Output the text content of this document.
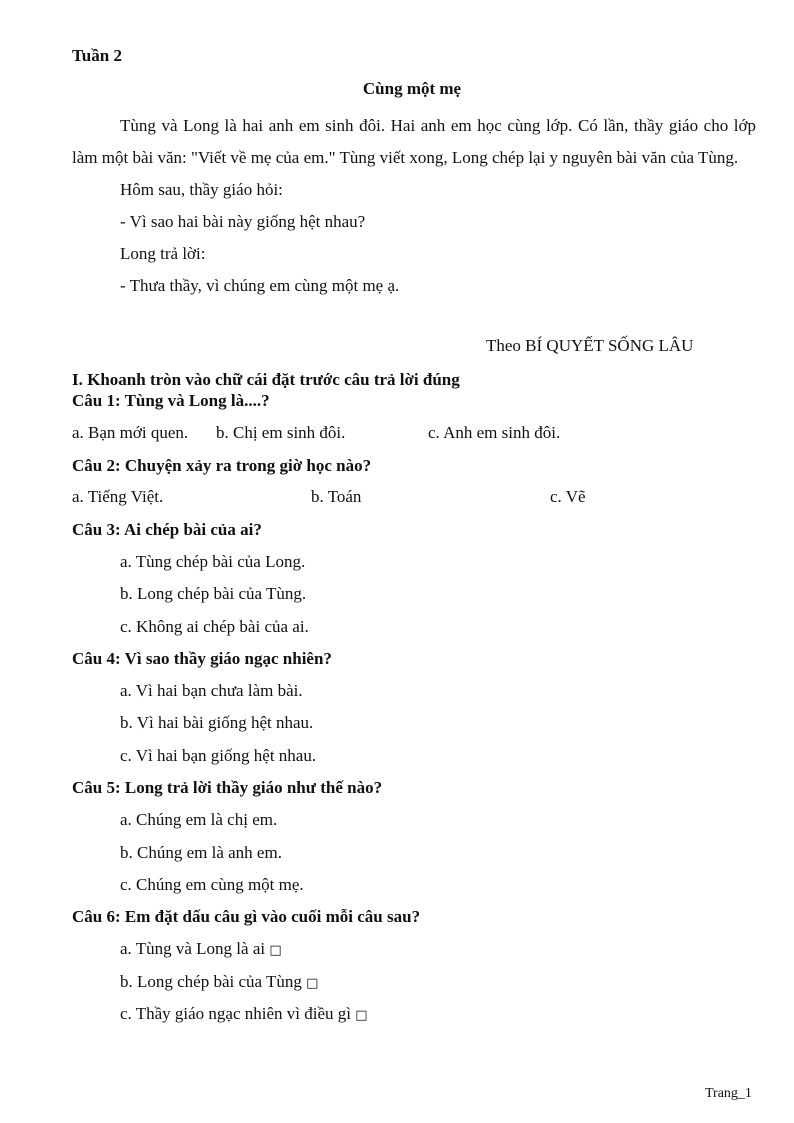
Tuần 2
Cùng một mẹ
Tùng và Long là hai anh em sinh đôi. Hai anh em học cùng lớp. Có lần, thầy giáo cho lớp làm một bài văn: "Viết về mẹ của em." Tùng viết xong, Long chép lại y nguyên bài văn của Tùng.
Hôm sau, thầy giáo hỏi:
- Vì sao hai bài này giống hệt nhau?
Long trả lời:
- Thưa thầy, vì chúng em cùng một mẹ ạ.
Theo BÍ QUYẾT SỐNG LÂU
I. Khoanh tròn vào chữ cái đặt trước câu trả lời đúng
Câu 1: Tùng và Long là....?
a. Bạn mới quen. b. Chị em sinh đôi.	c. Anh em sinh đôi.
Câu 2: Chuyện xảy ra trong giờ học nào?
a. Tiếng Việt.	b. Toán	c. Vẽ
Câu 3: Ai chép bài của ai?
a. Tùng chép bài của Long.
b. Long chép bài của Tùng.
c. Không ai chép bài của ai.
Câu 4: Vì sao thầy giáo ngạc nhiên?
a. Vì hai bạn chưa làm bài.
b. Vì hai bài giống hệt nhau.
c. Vì hai bạn giống hệt nhau.
Câu 5: Long trả lời thầy giáo như thế nào?
a. Chúng em là chị em.
b. Chúng em là anh em.
c. Chúng em cùng một mẹ.
Câu 6: Em đặt dấu câu gì vào cuối mỗi câu sau?
a. Tùng và Long là ai □
b. Long chép bài của Tùng □
c. Thầy giáo ngạc nhiên vì điều gì □
Trang_1
